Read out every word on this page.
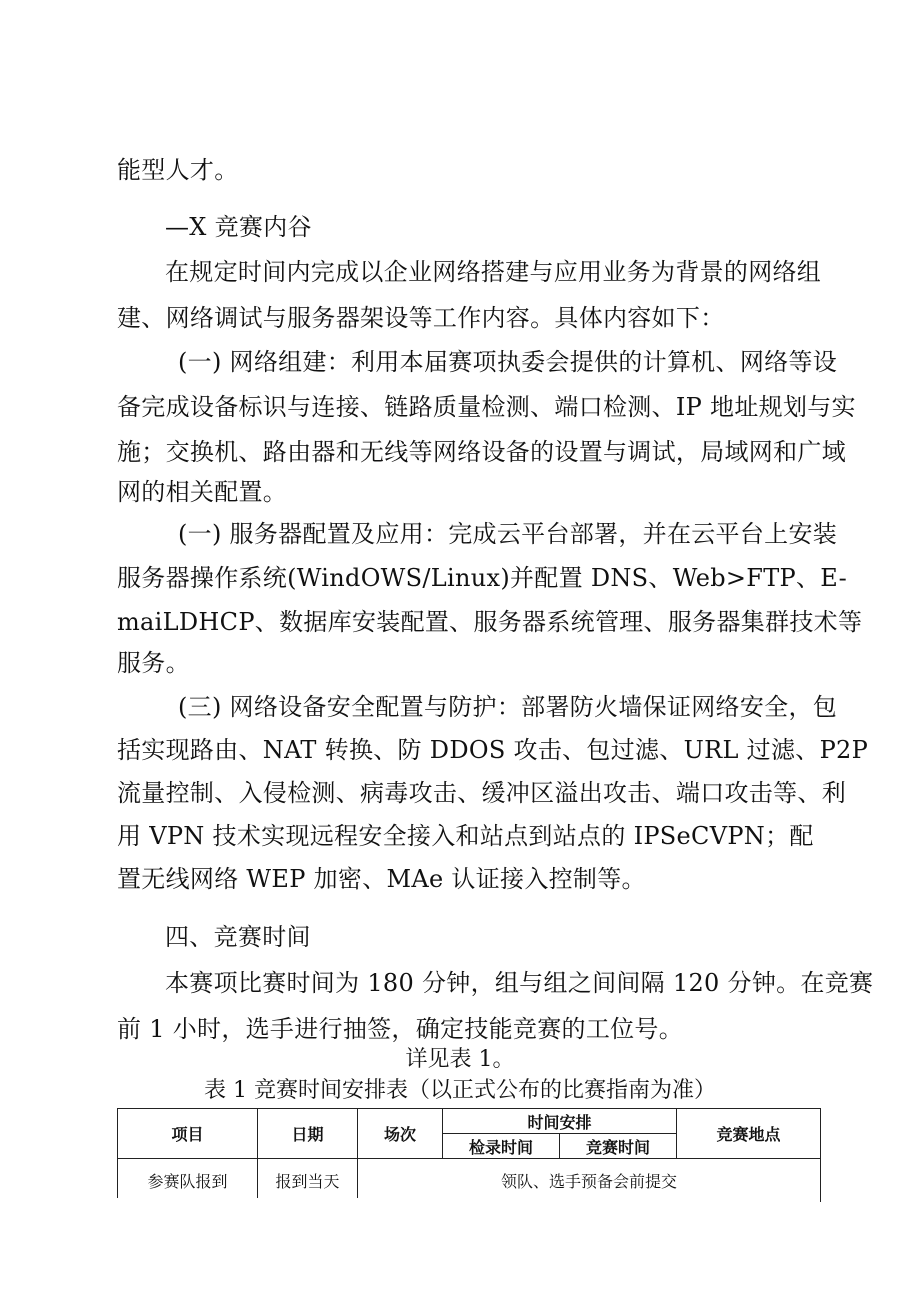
能型人才。
—X 竞赛内谷
在规定时间内完成以企业网络搭建与应用业务为背景的网络组
建、网络调试与服务器架设等工作内容。具体内容如下：
(一) 网络组建：利用本届赛项执委会提供的计算机、网络等设
备完成设备标识与连接、链路质量检测、端口检测、IP 地址规划与实
施；交换机、路由器和无线等网络设备的设置与调试，局域网和广域
网的相关配置。
(一) 服务器配置及应用：完成云平台部署，并在云平台上安装
服务器操作系统(WindOWS/Linux)并配置 DNS、Web>FTP、E-
maiLDHCP、数据库安装配置、服务器系统管理、服务器集群技术等
服务。
(三) 网络设备安全配置与防护：部署防火墙保证网络安全，包
括实现路由、NAT 转换、防 DDOS 攻击、包过滤、URL 过滤、P2P
流量控制、入侵检测、病毒攻击、缓冲区溢出攻击、端口攻击等、利
用 VPN 技术实现远程安全接入和站点到站点的 IPSeCVPN；配
置无线网络 WEP 加密、MAe 认证接入控制等。
四、竞赛时间
本赛项比赛时间为 180 分钟，组与组之间间隔 120 分钟。在竞赛
前 1 小时，选手进行抽签，确定技能竞赛的工位号。
详见表 1。
表 1 竞赛时间安排表（以正式公布的比赛指南为准）
项目	日期	场次	时间安排		竞赛地点
			检录时间	竞赛时间	
参赛队报到	报到当天	领队、选手预备会前提交			
